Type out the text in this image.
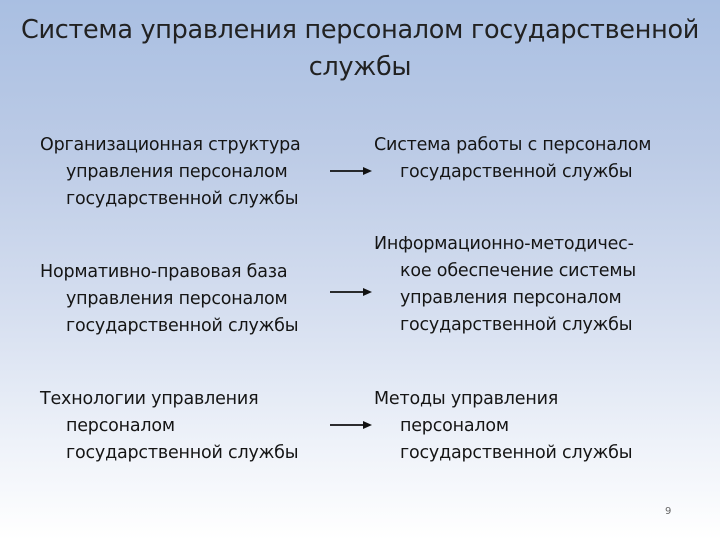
Система управления персоналом государственной
службы
Организационная структура
управления персоналом
государственной службы
Система работы с персоналом
государственной службы
Нормативно-правовая база
управления персоналом
государственной службы
Информационно-методичес-
кое обеспечение системы
управления персоналом
государственной службы
Технологии управления
персоналом
государственной службы
Методы управления
персоналом
государственной службы
9
